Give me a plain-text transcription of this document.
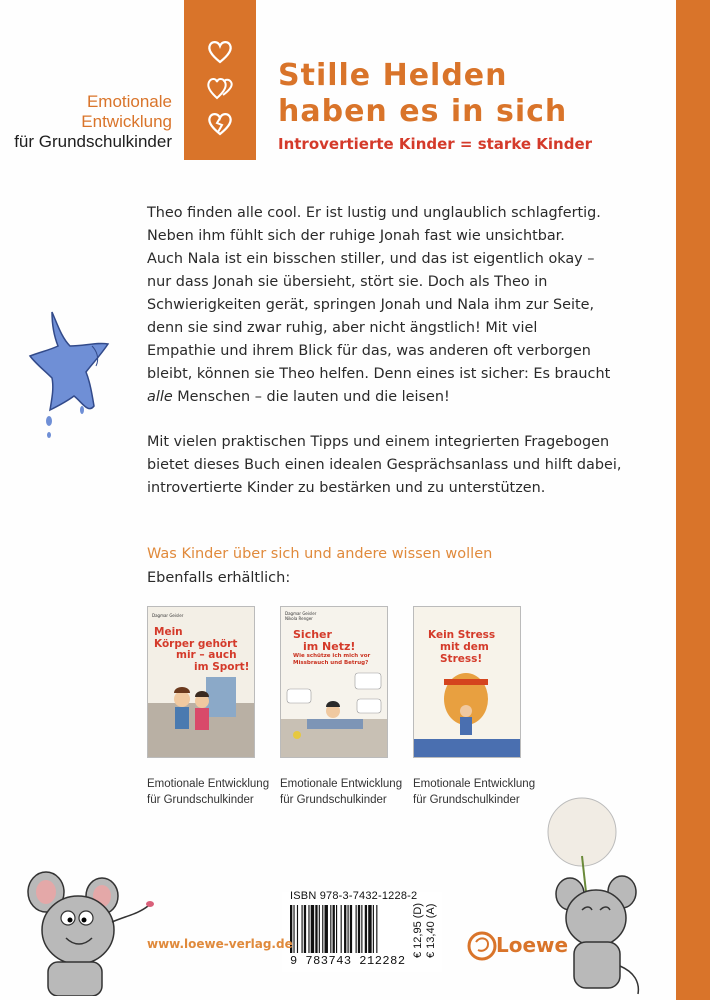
Emotionale
Entwicklung
für Grundschulkinder
Stille Helden
haben es in sich
Introvertierte Kinder = starke Kinder

Theo finden alle cool. Er ist lustig und unglaublich schlagfertig.
Neben ihm fühlt sich der ruhige Jonah fast wie unsichtbar.
Auch Nala ist ein bisschen stiller, und das ist eigentlich okay –
nur dass Jonah sie übersieht, stört sie. Doch als Theo in
Schwierigkeiten gerät, springen Jonah und Nala ihm zur Seite,
denn sie sind zwar ruhig, aber nicht ängstlich! Mit viel
Empathie und ihrem Blick für das, was anderen oft verborgen
bleibt, können sie Theo helfen. Denn eines ist sicher: Es braucht
alle Menschen – die lauten und die leisen!

Mit vielen praktischen Tipps und einem integrierten Fragebogen
bietet dieses Buch einen idealen Gesprächsanlass und hilft dabei,
introvertierte Kinder zu bestärken und zu unterstützen.

Was Kinder über sich und andere wissen wollen
Ebenfalls erhältlich:
Dagmar Geisler
Mein
Körper gehört
mir – auch
im Sport!
Dagmar Geisler
Nikola Renger
Sicher
im Netz!
Wie schütze ich mich vor
Missbrauch und Betrug?
Kein Stress
mit dem Stress!
Emotionale Entwicklung
für Grundschulkinder
Emotionale Entwicklung
für Grundschulkinder
Emotionale Entwicklung
für Grundschulkinder
ISBN 978-3-7432-1228-2
9 783743 212282
€ 12,95 (D) € 13,40 (A)
www.loewe-verlag.de	Loewe
